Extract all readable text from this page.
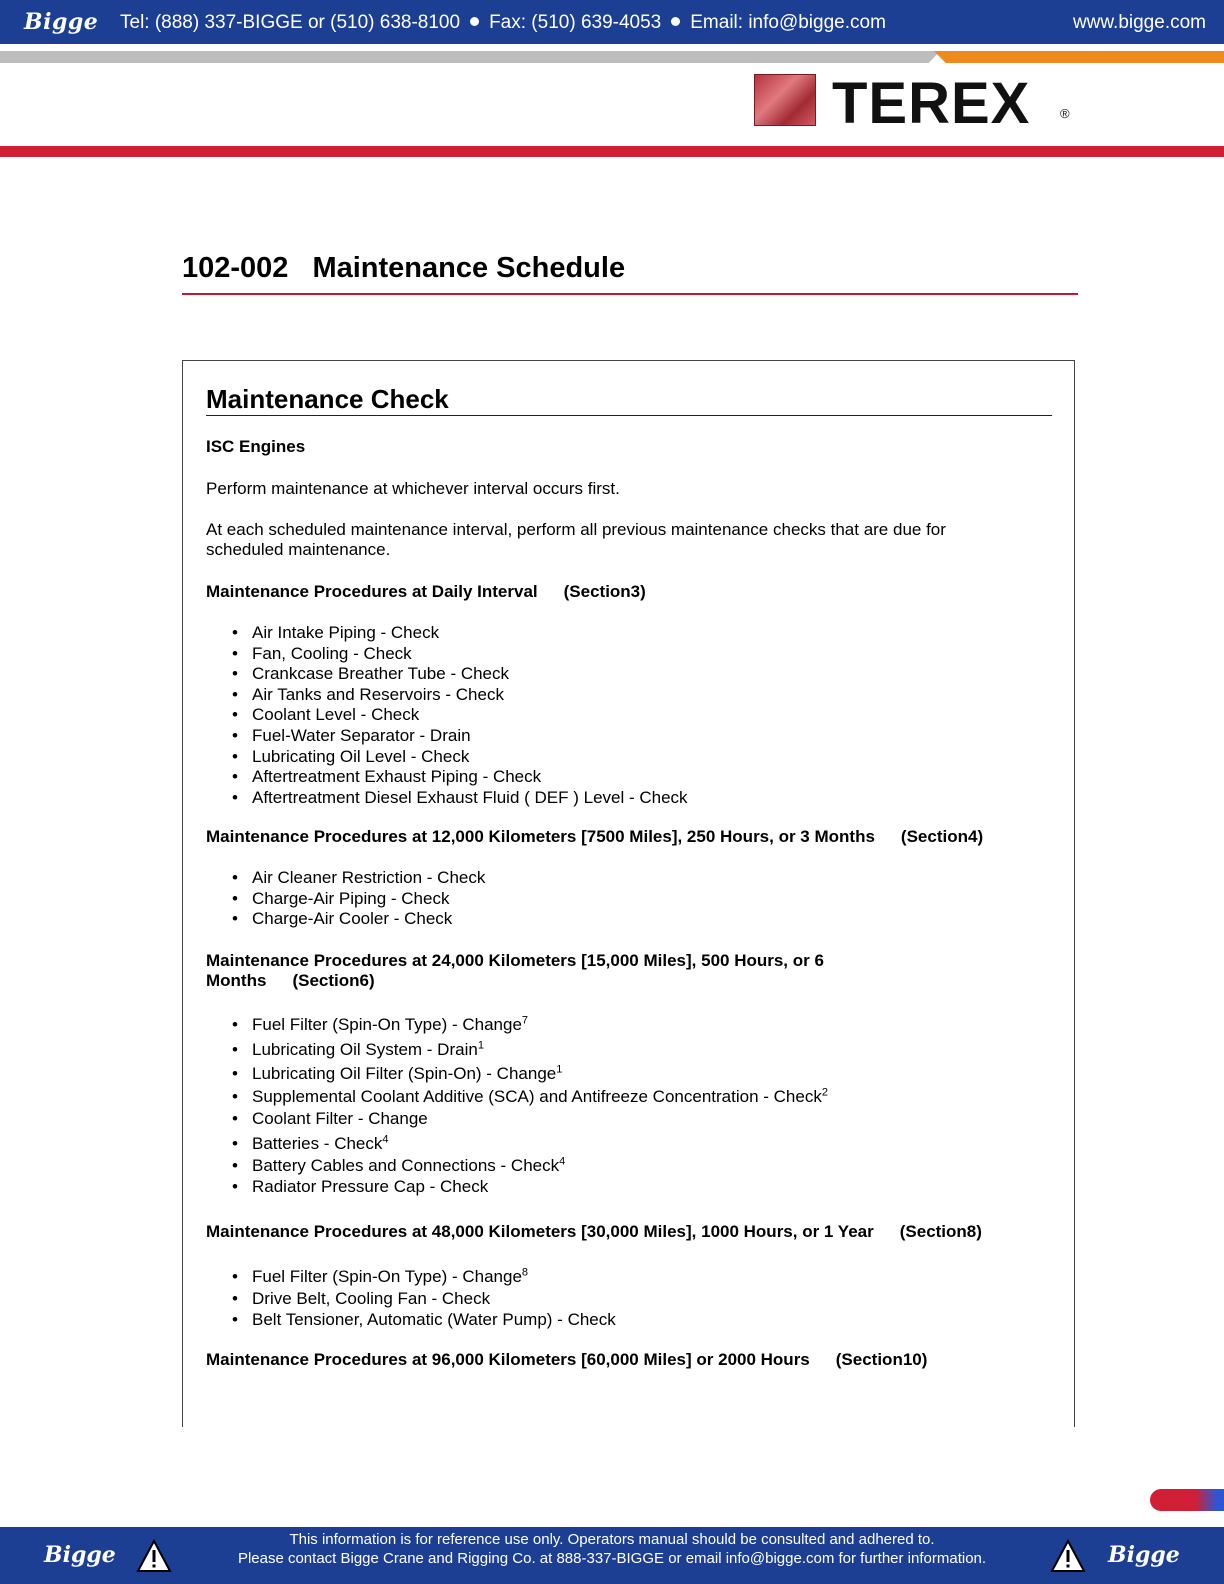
Bigge Tel: (888) 337-BIGGE or (510) 638-8100 Fax: (510) 639-4053 Email: info@bigge.com	www.bigge.com
TEREX ®
102-002 Maintenance Schedule
Maintenance Check
ISC Engines
Perform maintenance at whichever interval occurs first.
At each scheduled maintenance interval, perform all previous maintenance checks that are due for
scheduled maintenance.
Maintenance Procedures at Daily Interval (Section3)
• Air Intake Piping - Check
• Fan, Cooling - Check
• Crankcase Breather Tube - Check
• Air Tanks and Reservoirs - Check
• Coolant Level - Check
• Fuel-Water Separator - Drain
• Lubricating Oil Level - Check
• Aftertreatment Exhaust Piping - Check
• Aftertreatment Diesel Exhaust Fluid ( DEF ) Level - Check
Maintenance Procedures at 12,000 Kilometers [7500 Miles], 250 Hours, or 3 Months (Section4)
• Air Cleaner Restriction - Check
• Charge-Air Piping - Check
• Charge-Air Cooler - Check
Maintenance Procedures at 24,000 Kilometers [15,000 Miles], 500 Hours, or 6
Months (Section6)
• Fuel Filter (Spin-On Type) - Change$^7$
• Lubricating Oil System - Drain$^1$
• Lubricating Oil Filter (Spin-On) - Change$^1$
• Supplemental Coolant Additive (SCA) and Antifreeze Concentration - Check$^2$
• Coolant Filter - Change
• Batteries - Check$^4$
• Battery Cables and Connections - Check$^4$
• Radiator Pressure Cap - Check
Maintenance Procedures at 48,000 Kilometers [30,000 Miles], 1000 Hours, or 1 Year (Section8)
• Fuel Filter (Spin-On Type) - Change$^8$
• Drive Belt, Cooling Fan - Check
• Belt Tensioner, Automatic (Water Pump) - Check
Maintenance Procedures at 96,000 Kilometers [60,000 Miles] or 2000 Hours (Section10)
Bigge
This information is for reference use only. Operators manual should be consulted and adhered to.
Please contact Bigge Crane and Rigging Co. at 888-337-BIGGE or email info@bigge.com for further information.	Bigge
